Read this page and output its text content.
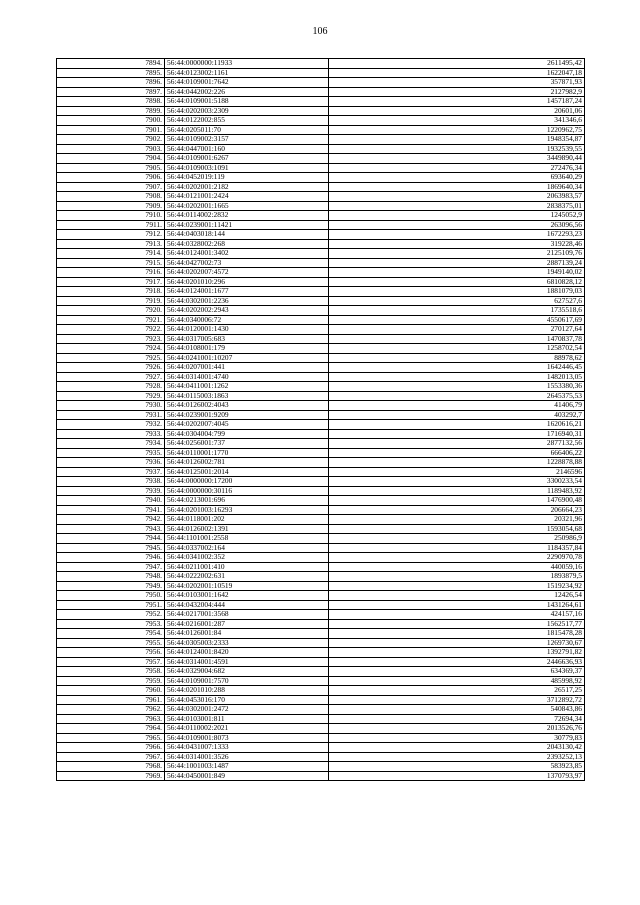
106
7894.	56:44:0000000:11933	2611495,42
7895.	56:44:0123002:1161	1622047,18
7896.	56:44:0109001:7642	357871,93
7897.	56:44:0442002:226	2127982,9
7898.	56:44:0109001:5188	1457187,24
7899.	56:44:0202003:2309	20601,06
7900.	56:44:0122002:855	341346,6
7901.	56:44:0205011:70	1220962,75
7902.	56:44:0109002:3157	1948354,87
7903.	56:44:0447001:160	1932539,55
7904.	56:44:0109001:6267	3449890,44
7905.	56:44:0109003:1091	272476,34
7906.	56:44:0452019:119	693640,29
7907.	56:44:0202001:2182	1869640,34
7908.	56:44:0121001:2424	2063983,57
7909.	56:44:0202001:1665	2838375,01
7910.	56:44:0114002:2832	1245052,9
7911.	56:44:0239001:11421	263096,56
7912.	56:44:0403018:144	1672293,23
7913.	56:44:0328002:268	319228,46
7914.	56:44:0124001:3402	2125109,76
7915.	56:44:0427002:73	2887139,24
7916.	56:44:0202007:4572	1949140,02
7917.	56:44:0201010:296	6810828,12
7918.	56:44:0124001:1677	1881079,03
7919.	56:44:0302001:2236	627527,6
7920.	56:44:0202002:2943	1735518,6
7921.	56:44:0340006:72	4550617,69
7922.	56:44:0120001:1430	270127,64
7923.	56:44:0317005:683	1470837,78
7924.	56:44:0108001:179	1258702,54
7925.	56:44:0241001:10207	88978,62
7926.	56:44:0207001:441	1642446,45
7927.	56:44:0314001:4740	1482013,05
7928.	56:44:0411001:1262	1553380,36
7929.	56:44:0115003:1863	2645375,53
7930.	56:44:0126002:4043	41406,79
7931.	56:44:0239001:9209	403292,7
7932.	56:44:0202007:4045	1620616,21
7933.	56:44:0304004:799	1716940,31
7934.	56:44:0256001:737	2877132,56
7935.	56:44:0110001:1770	666406,22
7936.	56:44:0126002:781	1228878,88
7937.	56:44:0125001:2014	2146596
7938.	56:44:0000000:17200	3300233,54
7939.	56:44:0000000:30116	1189483,92
7940.	56:44:0213001:696	1476900,48
7941.	56:44:0201003:16293	206664,23
7942.	56:44:0118001:202	20321,96
7943.	56:44:0126002:1391	1593054,68
7944.	56:44:1101001:2558	250986,9
7945.	56:44:0337002:164	1184357,84
7946.	56:44:0341002:352	2290970,78
7947.	56:44:0211001:410	440059,16
7948.	56:44:0222002:631	1893879,5
7949.	56:44:0202001:10519	1519234,92
7950.	56:44:0103001:1642	12426,54
7951.	56:44:0432004:444	1431264,61
7952.	56:44:0217001:3568	424157,16
7953.	56:44:0216001:287	1562517,77
7954.	56:44:0126001:84	1815478,28
7955.	56:44:0305003:2333	1269730,67
7956.	56:44:0124001:8420	1392791,82
7957.	56:44:0314001:4591	2446636,93
7958.	56:44:0329004:682	634369,37
7959.	56:44:0109001:7570	485998,92
7960.	56:44:0201010:288	26517,25
7961.	56:44:0453016:170	3712892,72
7962.	56:44:0302001:2472	540843,86
7963.	56:44:0103001:811	72694,34
7964.	56:44:0110002:2021	2013526,76
7965.	56:44:0109001:8073	30779,83
7966.	56:44:0431007:1333	2043130,42
7967.	56:44:0314001:3526	2393252,13
7968.	56:44:1001003:1487	583923,85
7969.	56:44:0450001:849	1370793,97
